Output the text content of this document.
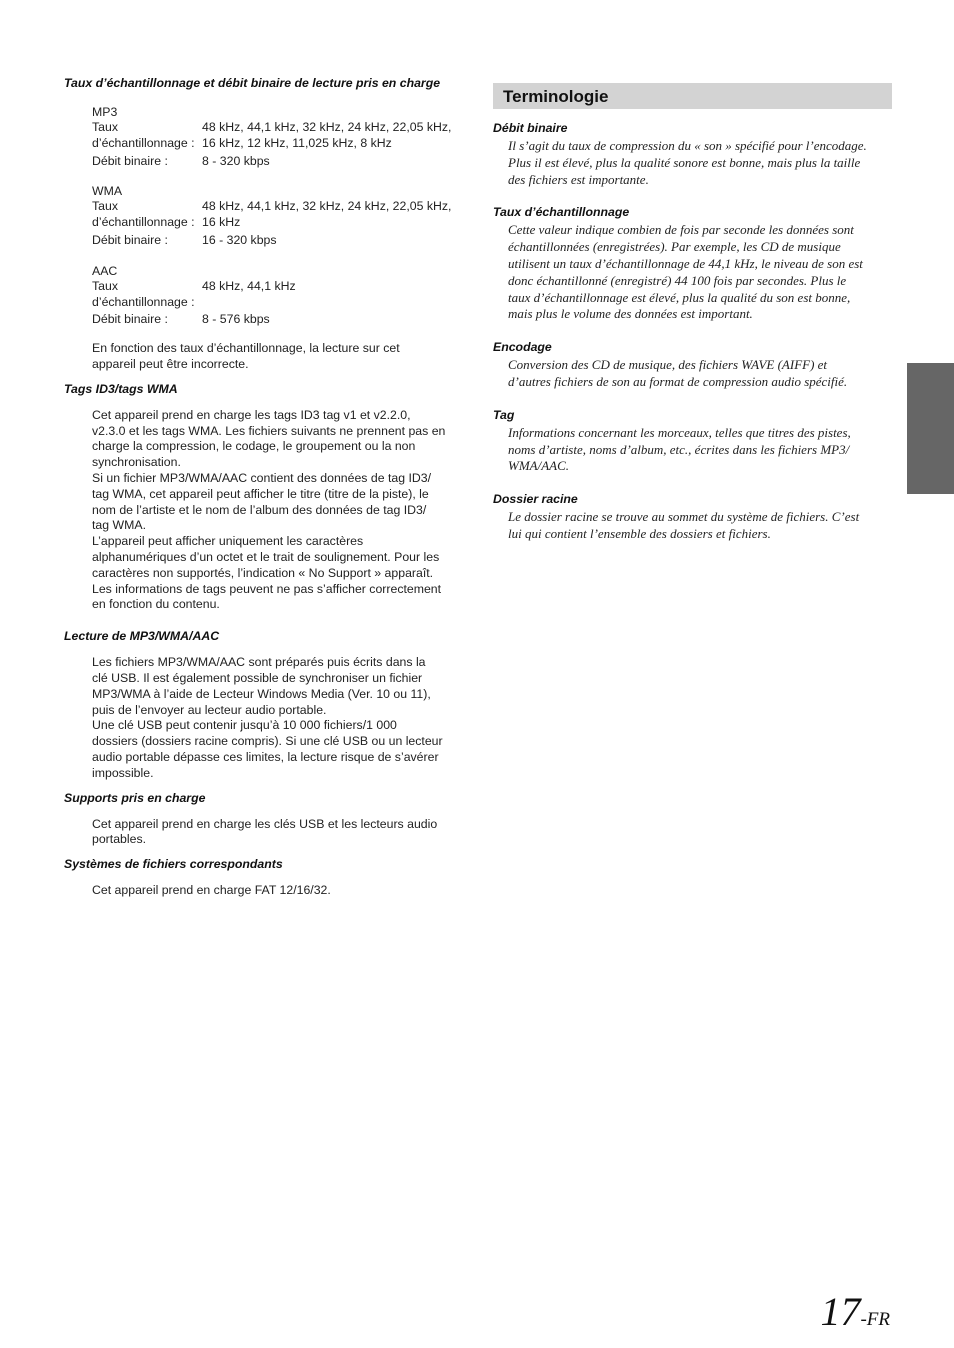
Taux d’échantillonnage et débit binaire de lecture pris en charge

MP3
Taux	48 kHz, 44,1 kHz, 32 kHz, 24 kHz, 22,05 kHz,
d’échantillonnage : 16 kHz, 12 kHz, 11,025 kHz, 8 kHz
Débit binaire :	8 - 320 kbps
WMA
Taux	48 kHz, 44,1 kHz, 32 kHz, 24 kHz, 22,05 kHz,
d’échantillonnage : 16 kHz
Débit binaire :	16 - 320 kbps
AAC
Taux	48 kHz, 44,1 kHz
d’échantillonnage :
Débit binaire :	8 - 576 kbps

En fonction des taux d’échantillonnage, la lecture sur cet

appareil peut être incorrecte.

Tags ID3/tags WMA

Cet appareil prend en charge les tags ID3 tag v1 et v2.2.0,

v2.3.0 et les tags WMA. Les fichiers suivants ne prennent pas en

charge la compression, le codage, le groupement ou la non

synchronisation.

Si un fichier MP3/WMA/AAC contient des données de tag ID3/

tag WMA, cet appareil peut afficher le titre (titre de la piste), le

nom de l’artiste et le nom de l’album des données de tag ID3/

tag WMA.

L’appareil peut afficher uniquement les caractères

alphanumériques d’un octet et le trait de soulignement. Pour les

caractères non supportés, l’indication « No Support » apparaît.

Les informations de tags peuvent ne pas s’afficher correctement

en fonction du contenu.

Lecture de MP3/WMA/AAC

Les fichiers MP3/WMA/AAC sont préparés puis écrits dans la

clé USB. Il est également possible de synchroniser un fichier

MP3/WMA à l’aide de Lecteur Windows Media (Ver. 10 ou 11),

puis de l’envoyer au lecteur audio portable.

Une clé USB peut contenir jusqu’à 10 000 fichiers/1 000

dossiers (dossiers racine compris). Si une clé USB ou un lecteur

audio portable dépasse ces limites, la lecture risque de s’avérer

impossible.

Supports pris en charge

Cet appareil prend en charge les clés USB et les lecteurs audio

portables.

Systèmes de fichiers correspondants

Cet appareil prend en charge FAT 12/16/32.

Terminologie
Débit binaire
Il s’agit du taux de compression du « son » spécifié pour l’encodage.
Plus il est élevé, plus la qualité sonore est bonne, mais plus la taille
des fichiers est importante.
Taux d’échantillonnage
Cette valeur indique combien de fois par seconde les données sont
échantillonnées (enregistrées). Par exemple, les CD de musique
utilisent un taux d’échantillonnage de 44,1 kHz, le niveau de son est
donc échantillonné (enregistré) 44 100 fois par secondes. Plus le
taux d’échantillonnage est élevé, plus la qualité du son est bonne,
mais plus le volume des données est important.
Encodage
Conversion des CD de musique, des fichiers WAVE (AIFF) et
d’autres fichiers de son au format de compression audio spécifié.
Tag
Informations concernant les morceaux, telles que titres des pistes,
noms d’artiste, noms d’album, etc., écrites dans les fichiers MP3/
WMA/AAC.
Dossier racine
Le dossier racine se trouve au sommet du système de fichiers. C’est
lui qui contient l’ensemble des dossiers et fichiers.
17-FR
